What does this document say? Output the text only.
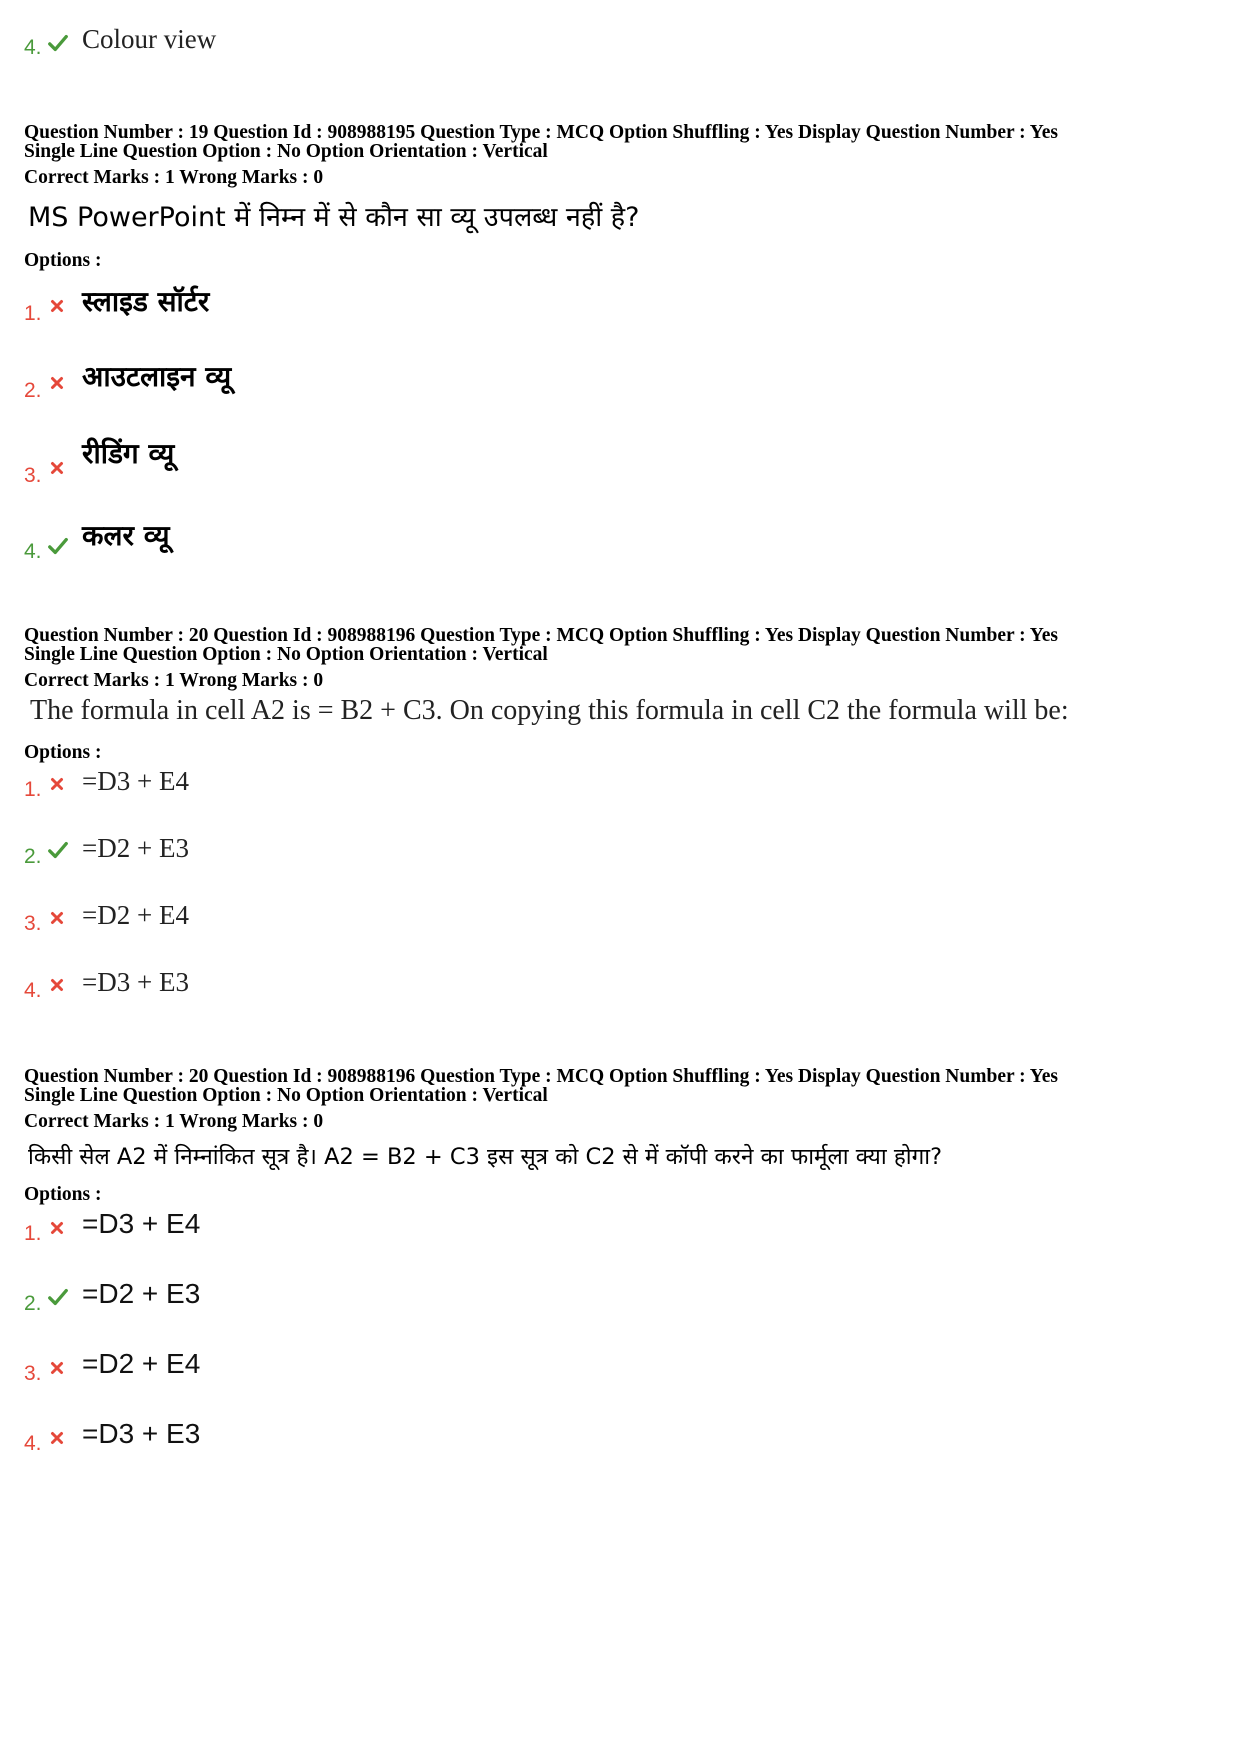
4. Colour view
Question Number : 19 Question Id : 908988195 Question Type : MCQ Option Shuffling : Yes Display Question Number : Yes
Single Line Question Option : No Option Orientation : Vertical
Correct Marks : 1 Wrong Marks : 0
MS PowerPoint में निम्न में से कौन सा व्यू उपलब्ध नहीं है?
Options :
1. स्लाइड सॉर्टर
2. आउटलाइन व्यू
3.
रीडिंग व्यू
4. कलर व्यू
Question Number : 20 Question Id : 908988196 Question Type : MCQ Option Shuffling : Yes Display Question Number : Yes
Single Line Question Option : No Option Orientation : Vertical
Correct Marks : 1 Wrong Marks : 0
The formula in cell A2 is = B2 + C3. On copying this formula in cell C2 the formula will be:
Options :
1. =D3 + E4
2. =D2 + E3
3. =D2 + E4
4. =D3 + E3
Question Number : 20 Question Id : 908988196 Question Type : MCQ Option Shuffling : Yes Display Question Number : Yes
Single Line Question Option : No Option Orientation : Vertical
Correct Marks : 1 Wrong Marks : 0
किसी सेल A2 में निम्नांकित सूत्र है। A2 = B2 + C3 इस सूत्र को C2 से में कॉपी करने का फार्मूला क्या होगा?
Options :
1. =D3 + E4
2. =D2 + E3
3. =D2 + E4
4. =D3 + E3
